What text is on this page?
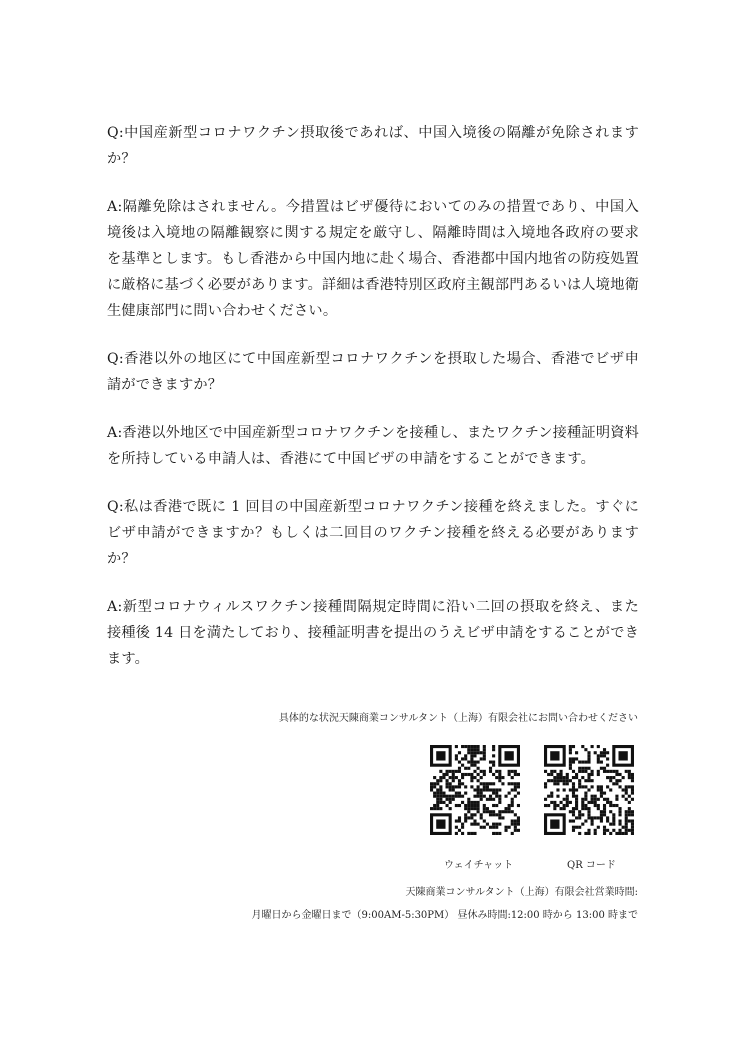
Q:中国産新型コロナワクチン摂取後であれば、中国入境後の隔離が免除されますか？

A:隔離免除はされません。今措置はビザ優待においてのみの措置であり、中国入境後は入境地の隔離観察に関する規定を厳守し、隔離時間は入境地各政府の要求を基準とします。もし香港から中国内地に赴く場合、香港都中国内地省の防疫処置に厳格に基づく必要があります。詳細は香港特別区政府主観部門あるいは人境地衛生健康部門に問い合わせください。

Q:香港以外の地区にて中国産新型コロナワクチンを摂取した場合、香港でビザ申請ができますか？

A:香港以外地区で中国産新型コロナワクチンを接種し、またワクチン接種証明資料を所持している申請人は、香港にて中国ビザの申請をすることができます。

Q:私は香港で既に 1 回目の中国産新型コロナワクチン接種を終えました。すぐにビザ申請ができますか？もしくは二回目のワクチン接種を終える必要がありますか？

A:新型コロナウィルスワクチン接種間隔規定時間に沿い二回の摂取を終え、また接種後 14 日を満たしており、接種証明書を提出のうえビザ申請をすることができます。

具体的な状況天陳商業コンサルタント（上海）有限会社にお問い合わせください
ウェイチャット	QR コード
天陳商業コンサルタント（上海）有限会社営業時間:
月曜日から金曜日まで（9:00AM-5:30PM） 昼休み時間:12:00 時から 13:00 時まで
